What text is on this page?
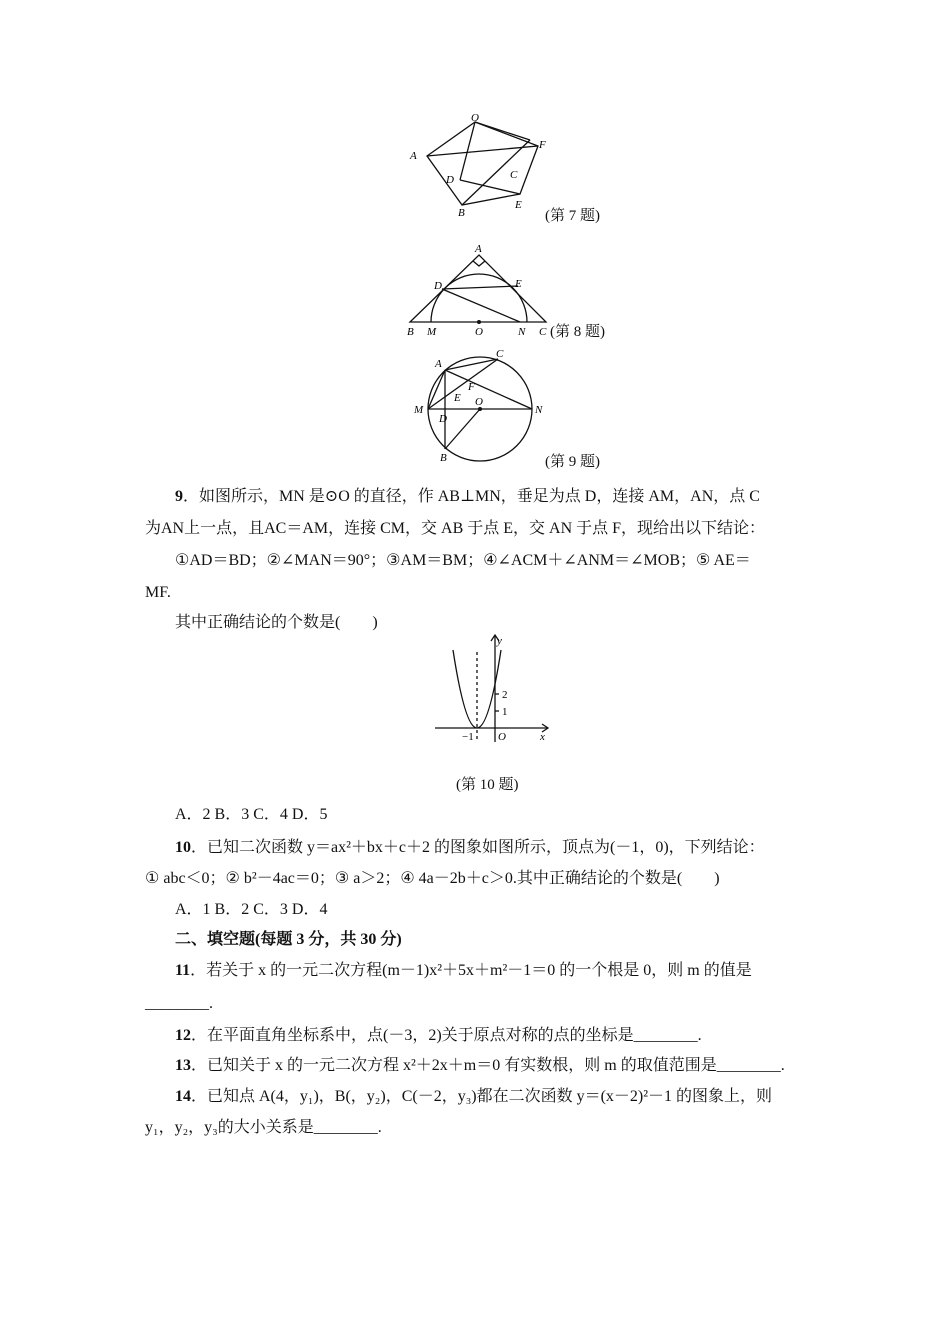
O
A
F
D	C
B
E
(第 7 题)
A
D	E
B M	O	N C (第 8 题)
A
C
F
E
M
O
N
D
B	(第 9 题)
9．如图所示，MN 是⊙O 的直径，作 AB⊥MN，垂足为点 D，连接 AM，AN，点 C
为AN上一点，且AC＝AM，连接 CM，交 AB 于点 E，交 AN 于点 F，现给出以下结论：
①AD＝BD；②∠MAN＝90°；③AM＝BM；④∠ACM＋∠ANM＝∠MOB；⑤ AE＝
MF.
其中正确结论的个数是(　　)
y
2
1
−1 O	x
(第 10 题)
A．2 B．3 C．4 D．5
10．已知二次函数 y＝ax²＋bx＋c＋2 的图象如图所示，顶点为(－1，0)，下列结论：
① abc＜0；② b²－4ac＝0；③ a＞2；④ 4a－2b＋c＞0.其中正确结论的个数是(　　)
A．1 B．2 C．3 D．4
二、填空题(每题 3 分，共 30 分)
11．若关于 x 的一元二次方程(m－1)x²＋5x＋m²－1＝0 的一个根是 0，则 m 的值是
________.
12．在平面直角坐标系中，点(－3，2)关于原点对称的点的坐标是________.
13．已知关于 x 的一元二次方程 x²＋2x＋m＝0 有实数根，则 m 的取值范围是________.
14．已知点 A(4，y₁)，B(，y₂)，C(－2，y₃)都在二次函数 y＝(x－2)²－1 的图象上，则
y₁，y₂，y₃的大小关系是________.
